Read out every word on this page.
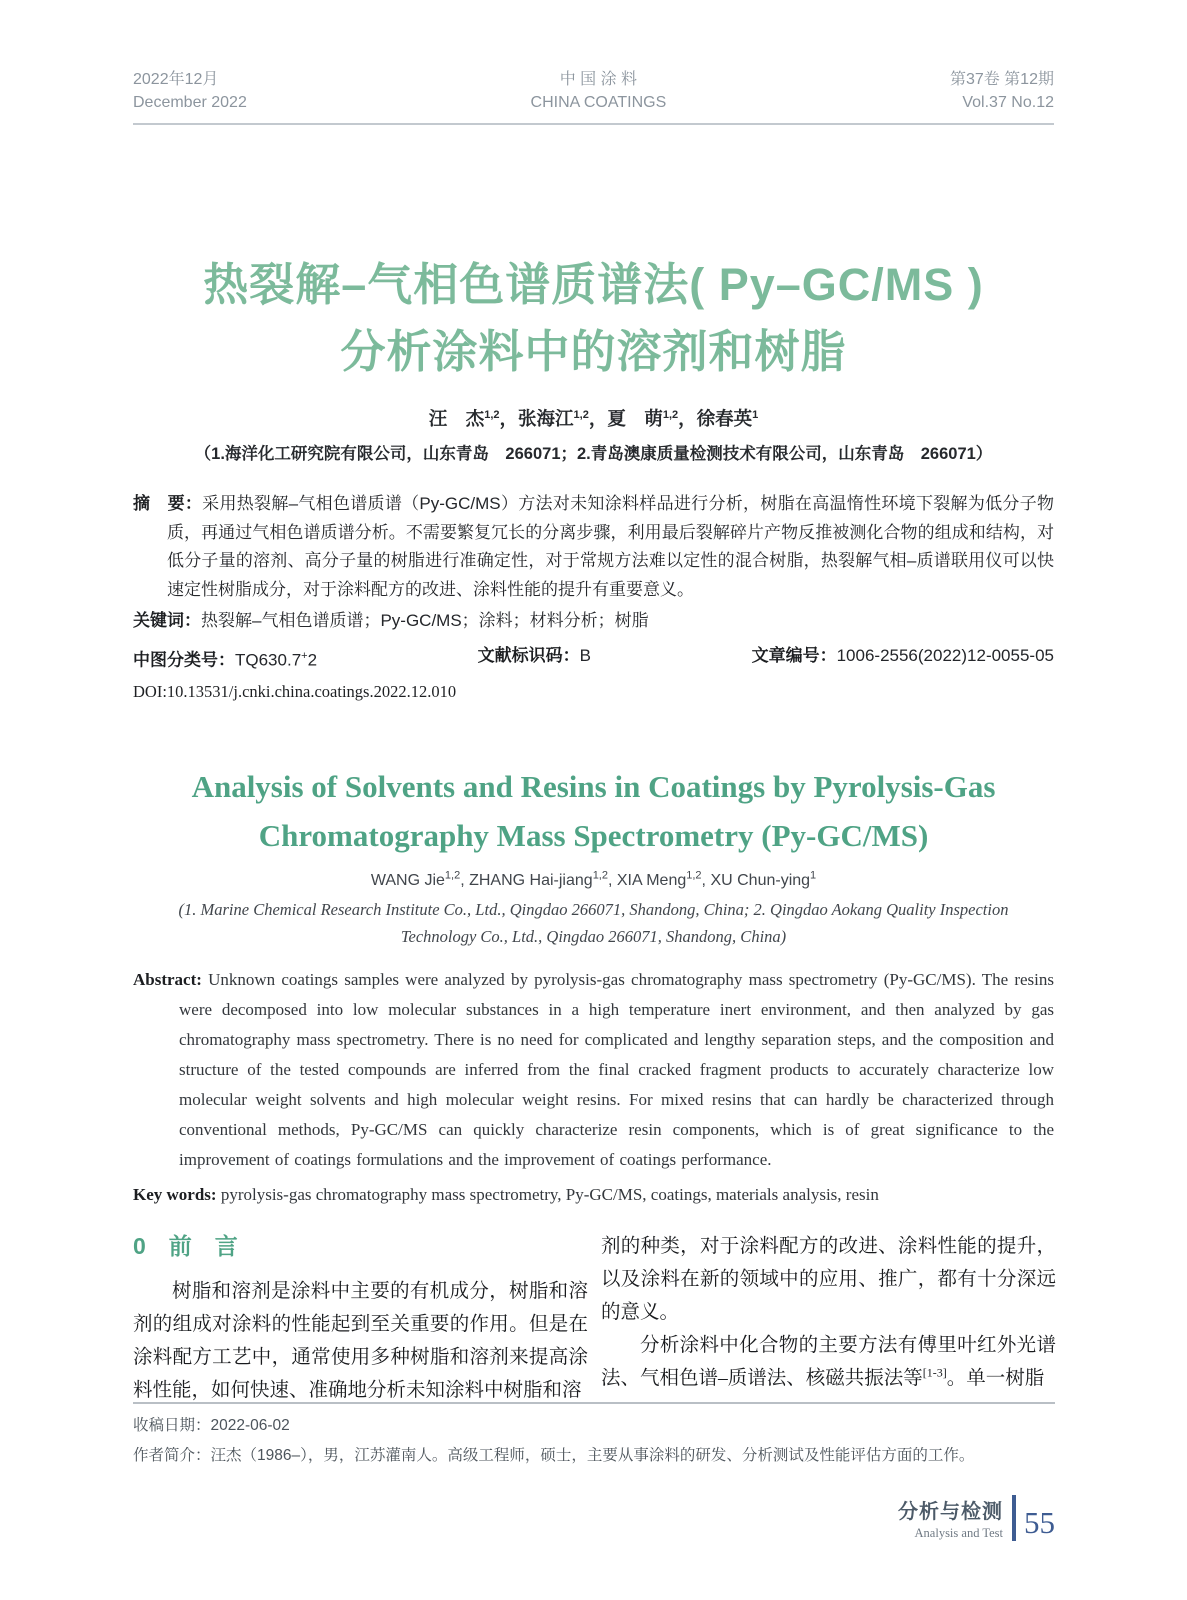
2022年12月
December 2022
中 国 涂 料
CHINA COATINGS
第37卷 第12期
Vol.37 No.12
热裂解–气相色谱质谱法( Py–GC/MS )
分析涂料中的溶剂和树脂

汪　杰$^{1,2}$，张海江$^{1,2}$，夏　萌$^{1,2}$，徐春英$^1$

（1.海洋化工研究院有限公司，山东青岛　266071；2.青岛澳康质量检测技术有限公司，山东青岛　266071）

摘　要：采用热裂解–气相色谱质谱（Py-GC/MS）方法对未知涂料样品进行分析，树脂在高温惰性环境下裂解为低分子物质，再通过气相色谱质谱分析。不需要繁复冗长的分离步骤，利用最后裂解碎片产物反推被测化合物的组成和结构，对低分子量的溶剂、高分子量的树脂进行准确定性，对于常规方法难以定性的混合树脂，热裂解气相–质谱联用仪可以快速定性树脂成分，对于涂料配方的改进、涂料性能的提升有重要意义。

关键词：热裂解–气相色谱质谱；Py-GC/MS；涂料；材料分析；树脂

中图分类号：TQ630.7+2	文献标识码：B	文章编号：1006-2556(2022)12-0055-05

DOI:10.13531/j.cnki.china.coatings.2022.12.010

Analysis of Solvents and Resins in Coatings by Pyrolysis-Gas
Chromatography Mass Spectrometry (Py-GC/MS)

WANG Jie$^{1,2}$, ZHANG Hai-jiang$^{1,2}$, XIA Meng$^{1,2}$, XU Chun-ying$^1$

(1. Marine Chemical Research Institute Co., Ltd., Qingdao 266071, Shandong, China; 2. Qingdao Aokang Quality Inspection Technology Co., Ltd., Qingdao 266071, Shandong, China)

Abstract: Unknown coatings samples were analyzed by pyrolysis-gas chromatography mass spectrometry (Py-GC/MS). The resins were decomposed into low molecular substances in a high temperature inert environment, and then analyzed by gas chromatography mass spectrometry. There is no need for complicated and lengthy separation steps, and the composition and structure of the tested compounds are inferred from the final cracked fragment products to accurately characterize low molecular weight solvents and high molecular weight resins. For mixed resins that can hardly be characterized through conventional methods, Py-GC/MS can quickly characterize resin components, which is of great significance to the improvement of coatings formulations and the improvement of coatings performance.

Key words: pyrolysis-gas chromatography mass spectrometry, Py-GC/MS, coatings, materials analysis, resin

0　前　言

树脂和溶剂是涂料中主要的有机成分，树脂和溶剂的组成对涂料的性能起到至关重要的作用。但是在涂料配方工艺中，通常使用多种树脂和溶剂来提高涂料性能，如何快速、准确地分析未知涂料中树脂和溶

剂的种类，对于涂料配方的改进、涂料性能的提升，以及涂料在新的领域中的应用、推广，都有十分深远的意义。

分析涂料中化合物的主要方法有傅里叶红外光谱法、气相色谱–质谱法、核磁共振法等[1-3]。单一树脂

收稿日期：2022-06-02

作者简介：汪杰（1986–），男，江苏灌南人。高级工程师，硕士，主要从事涂料的研发、分析测试及性能评估方面的工作。

分析与检测
Analysis and Test 55
